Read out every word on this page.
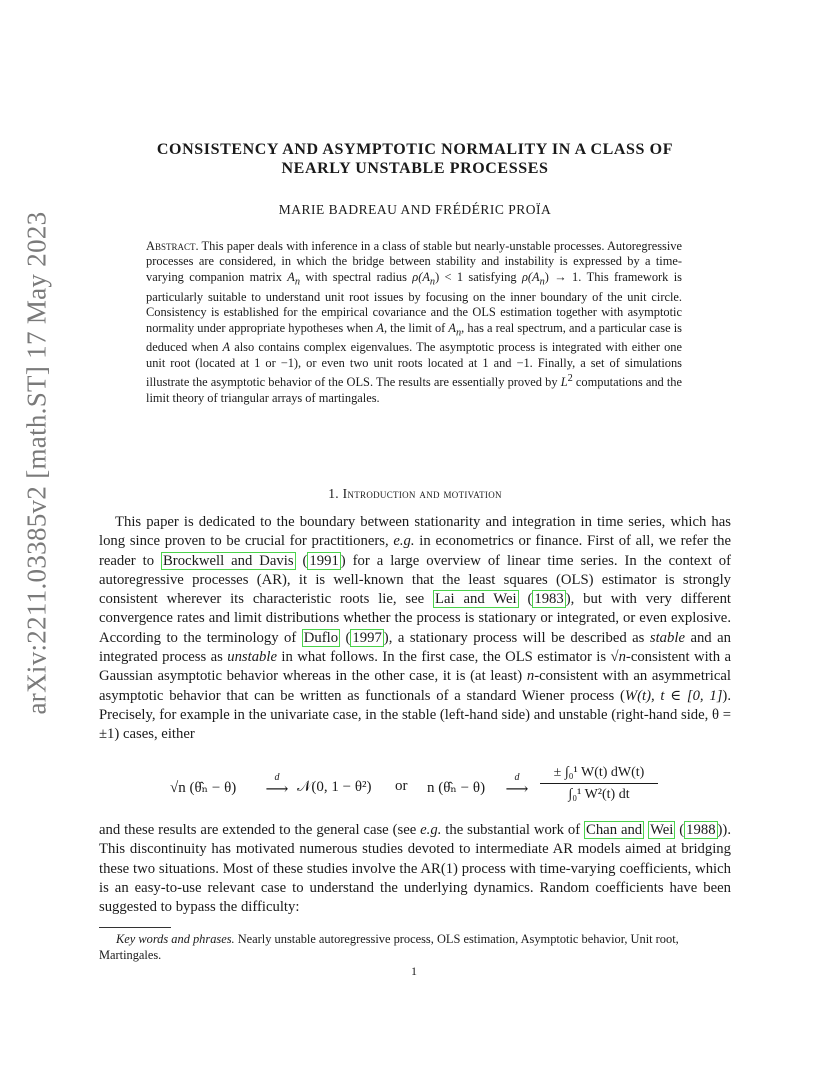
arXiv:2211.03385v2 [math.ST] 17 May 2023
CONSISTENCY AND ASYMPTOTIC NORMALITY IN A CLASS OF
NEARLY UNSTABLE PROCESSES
MARIE BADREAU AND FRÉDÉRIC PROÏA
Abstract. This paper deals with inference in a class of stable but nearly-unstable processes. Autoregressive processes are considered, in which the bridge between stability and instability is expressed by a time-varying companion matrix $A_n$ with spectral radius $\rho(A_n) < 1$ satisfying $\rho(A_n) \to 1$. This framework is particularly suitable to understand unit root issues by focusing on the inner boundary of the unit circle. Consistency is established for the empirical covariance and the OLS estimation together with asymptotic normality under appropriate hypotheses when A, the limit of $A_n$, has a real spectrum, and a particular case is deduced when A also contains complex eigenvalues. The asymptotic process is integrated with either one unit root (located at 1 or −1), or even two unit roots located at 1 and −1. Finally, a set of simulations illustrate the asymptotic behavior of the OLS. The results are essentially proved by $L^2$ computations and the limit theory of triangular arrays of martingales.
1. Introduction and motivation
This paper is dedicated to the boundary between stationarity and integration in time series, which has long since proven to be crucial for practitioners, e.g. in econometrics or finance. First of all, we refer the reader to Brockwell and Davis ( 1991 ) for a large overview of linear time series. In the context of autoregressive processes (AR), it is well-known that the least squares (OLS) estimator is strongly consistent wherever its characteristic roots lie, see Lai and Wei ( 1983 ), but with very different convergence rates and limit distributions whether the process is stationary or integrated, or even explosive. According to the terminology of Duflo ( 1997 ), a stationary process will be described as stable and an integrated process as unstable in what follows. In the first case, the OLS estimator is √n-consistent with a Gaussian asymptotic behavior whereas in the other case, it is (at least) n-consistent with an asymmetrical asymptotic behavior that can be written as functionals of a standard Wiener process (W(t), t ∈ [0, 1]). Precisely, for example in the univariate case, in the stable (left-hand side) and unstable (right-hand side, θ = ±1) cases, either
√n (θ̂ₙ − θ)
d
⟶ 𝒩(0, 1 − θ²) or n (θ̂ₙ − θ)
d
⟶ $\frac{\text{± ∫₀¹ W(t) dW(t)}}{\text{∫₀¹ W²(t) dt}}$
and these results are extended to the general case (see e.g. the substantial work of Chan and Wei ( 1988 )). This discontinuity has motivated numerous studies devoted to intermediate AR models aimed at bridging these two situations. Most of these studies involve the AR(1) process with time-varying coefficients, which is an easy-to-use relevant case to understand the underlying dynamics. Random coefficients have been suggested to bypass the difficulty:
Key words and phrases. Nearly unstable autoregressive process, OLS estimation, Asymptotic behavior, Unit root, Martingales.
1
